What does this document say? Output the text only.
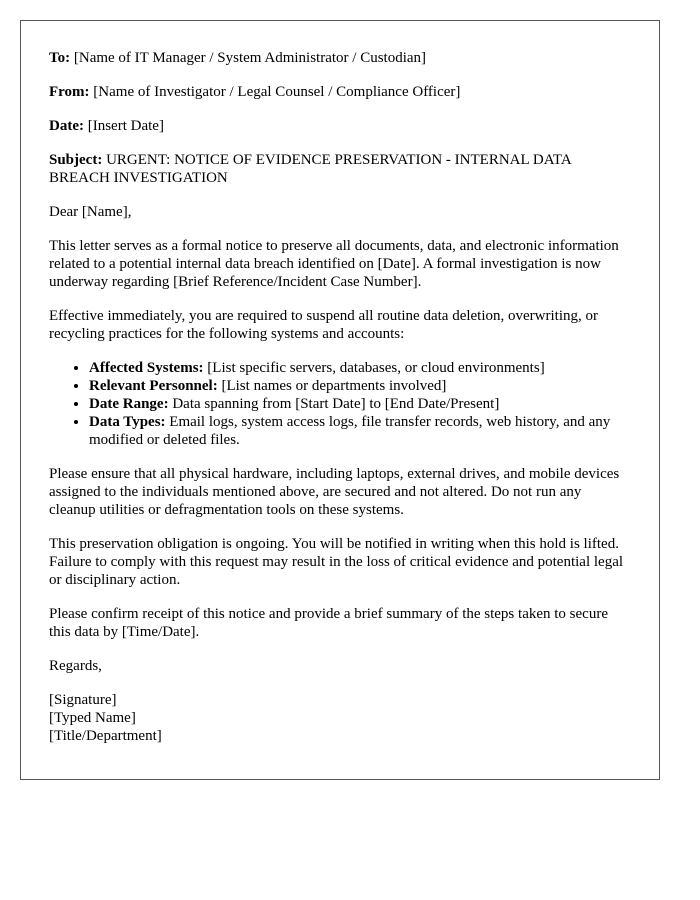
To: [Name of IT Manager / System Administrator / Custodian]
From: [Name of Investigator / Legal Counsel / Compliance Officer]
Date: [Insert Date]
Subject: URGENT: NOTICE OF EVIDENCE PRESERVATION - INTERNAL DATA BREACH INVESTIGATION

Dear [Name],

This letter serves as a formal notice to preserve all documents, data, and electronic information related to a potential internal data breach identified on [Date]. A formal investigation is now underway regarding [Brief Reference/Incident Case Number].

Effective immediately, you are required to suspend all routine data deletion, overwriting, or recycling practices for the following systems and accounts:

• Affected Systems: [List specific servers, databases, or cloud environments]
• Relevant Personnel: [List names or departments involved]
• Date Range: Data spanning from [Start Date] to [End Date/Present]
• Data Types: Email logs, system access logs, file transfer records, web history, and any modified or deleted files.

Please ensure that all physical hardware, including laptops, external drives, and mobile devices assigned to the individuals mentioned above, are secured and not altered. Do not run any cleanup utilities or defragmentation tools on these systems.

This preservation obligation is ongoing. You will be notified in writing when this hold is lifted. Failure to comply with this request may result in the loss of critical evidence and potential legal or disciplinary action.

Please confirm receipt of this notice and provide a brief summary of the steps taken to secure this data by [Time/Date].

Regards,

[Signature]
[Typed Name]
[Title/Department]
